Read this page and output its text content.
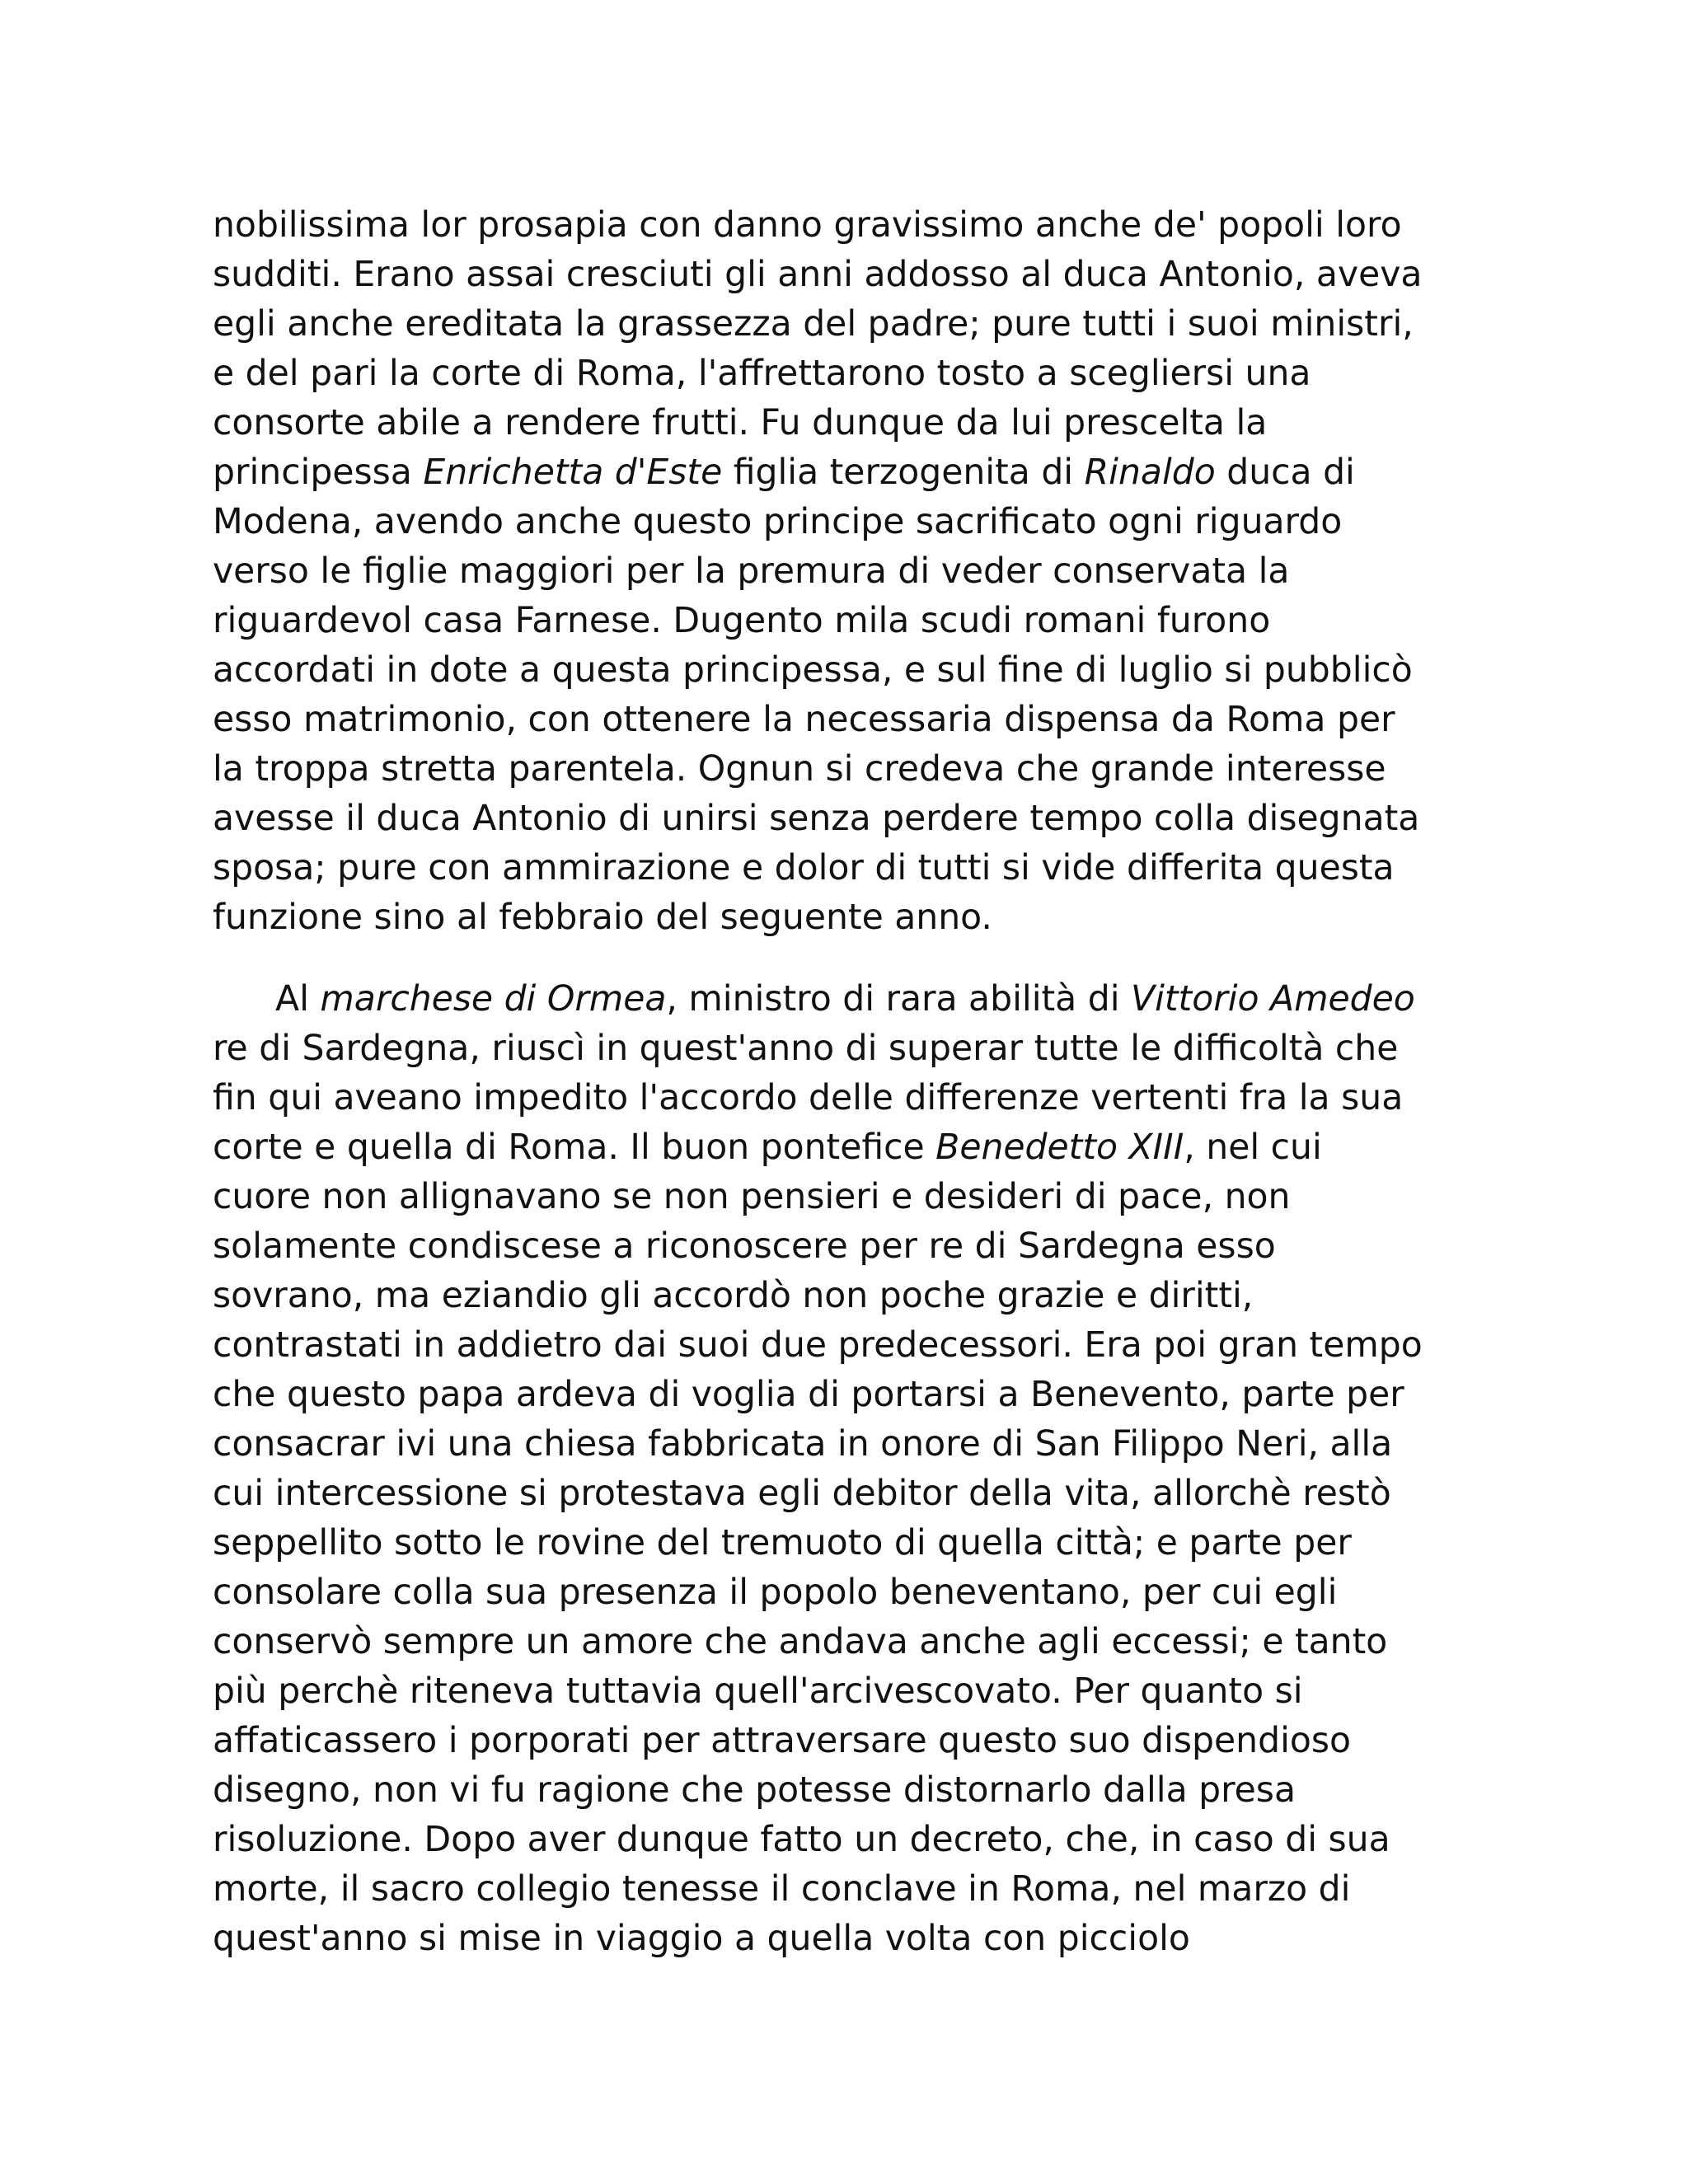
nobilissima lor prosapia con danno gravissimo anche de' popoli loro
sudditi. Erano assai cresciuti gli anni addosso al duca Antonio, aveva
egli anche ereditata la grassezza del padre; pure tutti i suoi ministri,
e del pari la corte di Roma, l'affrettarono tosto a scegliersi una
consorte abile a rendere frutti. Fu dunque da lui prescelta la
principessa Enrichetta d'Este figlia terzogenita di Rinaldo duca di
Modena, avendo anche questo principe sacrificato ogni riguardo
verso le figlie maggiori per la premura di veder conservata la
riguardevol casa Farnese. Dugento mila scudi romani furono
accordati in dote a questa principessa, e sul fine di luglio si pubblicò
esso matrimonio, con ottenere la necessaria dispensa da Roma per
la troppa stretta parentela. Ognun si credeva che grande interesse
avesse il duca Antonio di unirsi senza perdere tempo colla disegnata
sposa; pure con ammirazione e dolor di tutti si vide differita questa
funzione sino al febbraio del seguente anno.
Al marchese di Ormea, ministro di rara abilità di Vittorio Amedeo
re di Sardegna, riuscì in quest'anno di superar tutte le difficoltà che
fin qui aveano impedito l'accordo delle differenze vertenti fra la sua
corte e quella di Roma. Il buon pontefice Benedetto XIII, nel cui
cuore non allignavano se non pensieri e desideri di pace, non
solamente condiscese a riconoscere per re di Sardegna esso
sovrano, ma eziandio gli accordò non poche grazie e diritti,
contrastati in addietro dai suoi due predecessori. Era poi gran tempo
che questo papa ardeva di voglia di portarsi a Benevento, parte per
consacrar ivi una chiesa fabbricata in onore di San Filippo Neri, alla
cui intercessione si protestava egli debitor della vita, allorchè restò
seppellito sotto le rovine del tremuoto di quella città; e parte per
consolare colla sua presenza il popolo beneventano, per cui egli
conservò sempre un amore che andava anche agli eccessi; e tanto
più perchè riteneva tuttavia quell'arcivescovato. Per quanto si
affaticassero i porporati per attraversare questo suo dispendioso
disegno, non vi fu ragione che potesse distornarlo dalla presa
risoluzione. Dopo aver dunque fatto un decreto, che, in caso di sua
morte, il sacro collegio tenesse il conclave in Roma, nel marzo di
quest'anno si mise in viaggio a quella volta con picciolo
